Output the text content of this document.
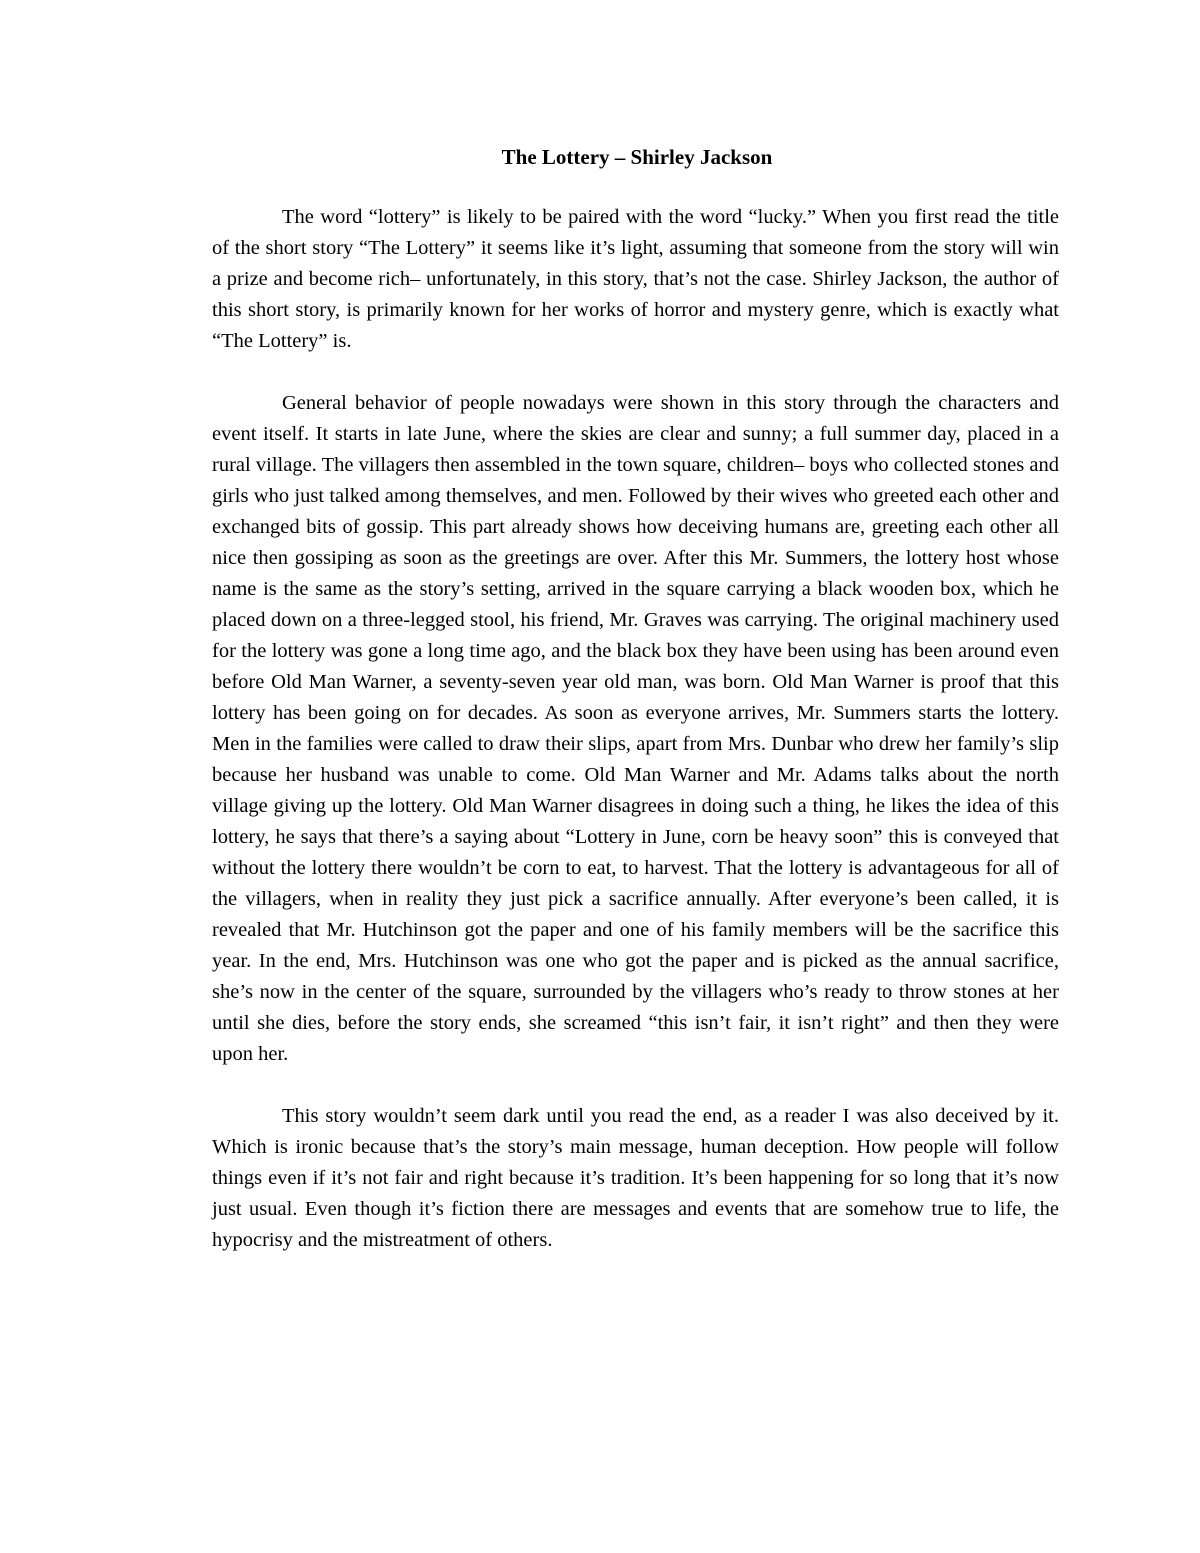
The Lottery – Shirley Jackson

The word “lottery” is likely to be paired with the word “lucky.” When you first read the title of the short story “The Lottery” it seems like it’s light, assuming that someone from the story will win a prize and become rich– unfortunately, in this story, that’s not the case. Shirley Jackson, the author of this short story, is primarily known for her works of horror and mystery genre, which is exactly what “The Lottery” is.

General behavior of people nowadays were shown in this story through the characters and event itself. It starts in late June, where the skies are clear and sunny; a full summer day, placed in a rural village. The villagers then assembled in the town square, children– boys who collected stones and girls who just talked among themselves, and men. Followed by their wives who greeted each other and exchanged bits of gossip. This part already shows how deceiving humans are, greeting each other all nice then gossiping as soon as the greetings are over. After this Mr. Summers, the lottery host whose name is the same as the story’s setting, arrived in the square carrying a black wooden box, which he placed down on a three-legged stool, his friend, Mr. Graves was carrying. The original machinery used for the lottery was gone a long time ago, and the black box they have been using has been around even before Old Man Warner, a seventy-seven year old man, was born. Old Man Warner is proof that this lottery has been going on for decades. As soon as everyone arrives, Mr. Summers starts the lottery. Men in the families were called to draw their slips, apart from Mrs. Dunbar who drew her family’s slip because her husband was unable to come. Old Man Warner and Mr. Adams talks about the north village giving up the lottery. Old Man Warner disagrees in doing such a thing, he likes the idea of this lottery, he says that there’s a saying about “Lottery in June, corn be heavy soon” this is conveyed that without the lottery there wouldn’t be corn to eat, to harvest. That the lottery is advantageous for all of the villagers, when in reality they just pick a sacrifice annually. After everyone’s been called, it is revealed that Mr. Hutchinson got the paper and one of his family members will be the sacrifice this year. In the end, Mrs. Hutchinson was one who got the paper and is picked as the annual sacrifice, she’s now in the center of the square, surrounded by the villagers who’s ready to throw stones at her until she dies, before the story ends, she screamed “this isn’t fair, it isn’t right” and then they were upon her.

This story wouldn’t seem dark until you read the end, as a reader I was also deceived by it. Which is ironic because that’s the story’s main message, human deception. How people will follow things even if it’s not fair and right because it’s tradition. It’s been happening for so long that it’s now just usual. Even though it’s fiction there are messages and events that are somehow true to life, the hypocrisy and the mistreatment of others.
